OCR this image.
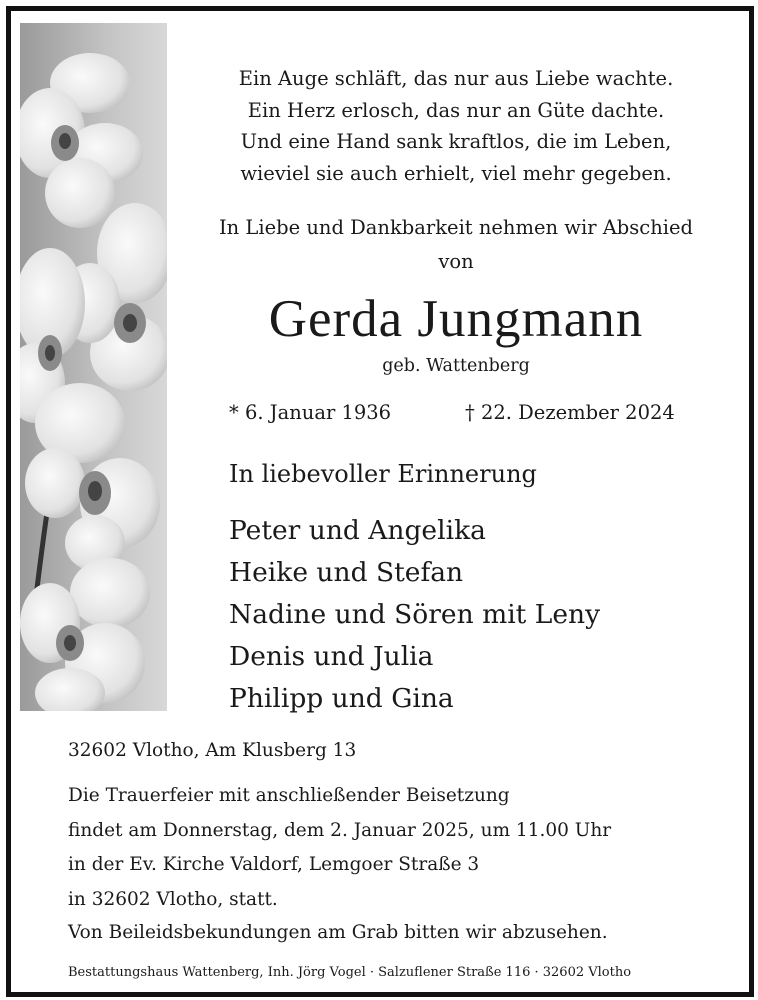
Ein Auge schläft, das nur aus Liebe wachte.
Ein Herz erlosch, das nur an Güte dachte.
Und eine Hand sank kraftlos, die im Leben,
wieviel sie auch erhielt, viel mehr gegeben.
In Liebe und Dankbarkeit nehmen wir Abschied
von
Gerda Jungmann
geb. Wattenberg
* 6. Januar 1936	† 22. Dezember 2024
In liebevoller Erinnerung
Peter und Angelika
Heike und Stefan
Nadine und Sören mit Leny
Denis und Julia
Philipp und Gina
32602 Vlotho, Am Klusberg 13
Die Trauerfeier mit anschließender Beisetzung
findet am Donnerstag, dem 2. Januar 2025, um 11.00 Uhr
in der Ev. Kirche Valdorf, Lemgoer Straße 3
in 32602 Vlotho, statt.
Von Beileidsbekundungen am Grab bitten wir abzusehen.
Bestattungshaus Wattenberg, Inh. Jörg Vogel · Salzuflener Straße 116 · 32602 Vlotho
